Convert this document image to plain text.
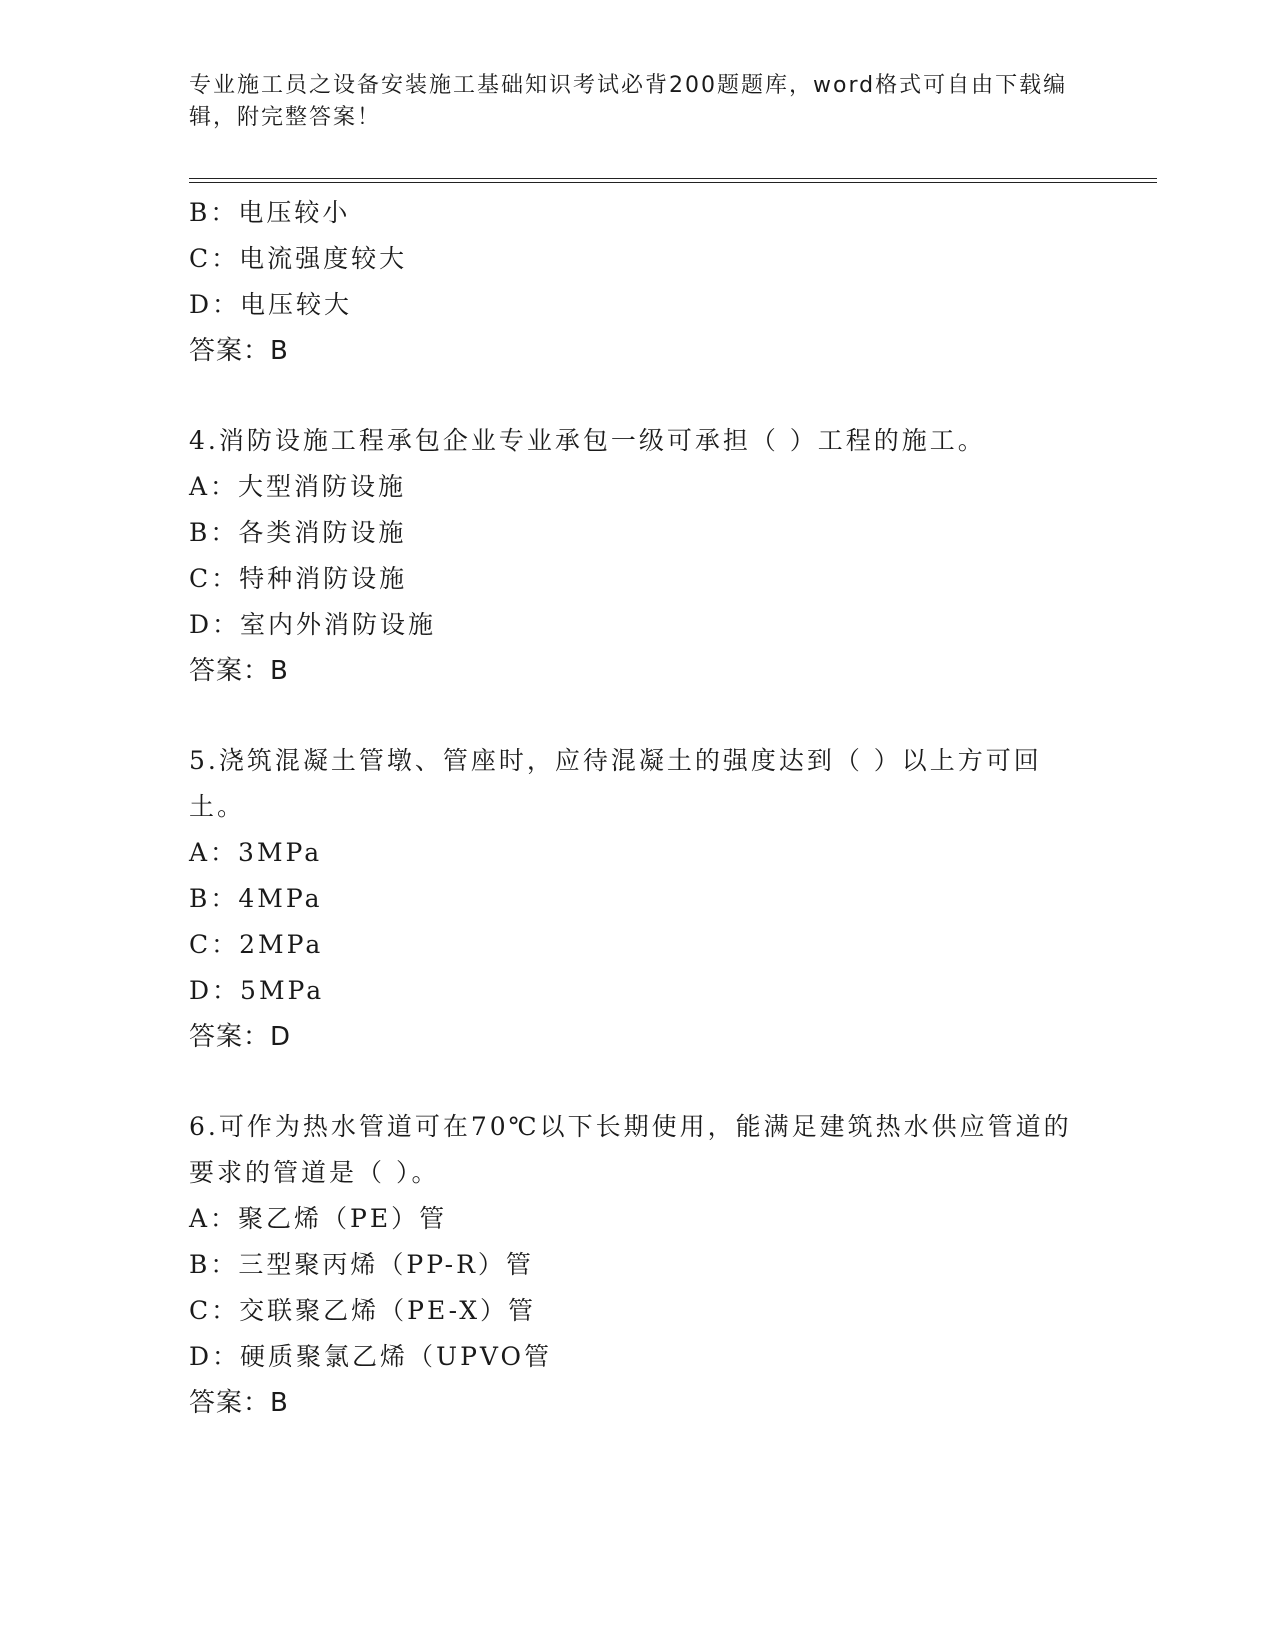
专业施工员之设备安装施工基础知识考试必背200题题库，word格式可自由下载编辑，附完整答案！
B：电压较小
C：电流强度较大
D：电压较大
答案：B
4.消防设施工程承包企业专业承包一级可承担（ ）工程的施工。
A：大型消防设施
B：各类消防设施
C：特种消防设施
D：室内外消防设施
答案：B
5.浇筑混凝土管墩、管座时，应待混凝土的强度达到（ ）以上方可回土。
A：3MPa
B：4MPa
C：2MPa
D：5MPa
答案：D
6.可作为热水管道可在70℃以下长期使用，能满足建筑热水供应管道的要求的管道是（ ）。
A：聚乙烯（PE）管
B：三型聚丙烯（PP-R）管
C：交联聚乙烯（PE-X）管
D：硬质聚氯乙烯（UPVO管
答案：B
